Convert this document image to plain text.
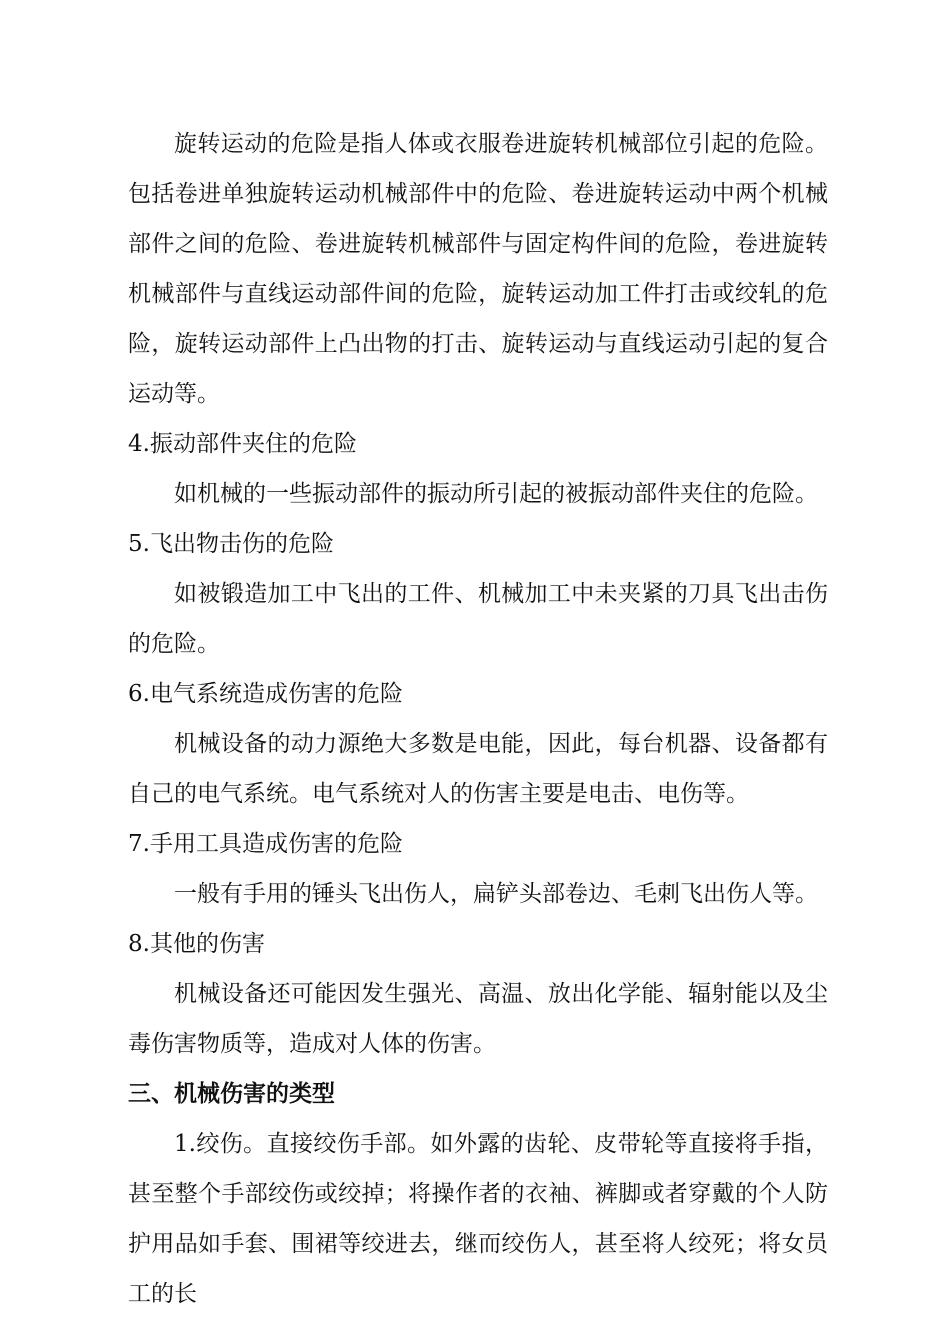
旋转运动的危险是指人体或衣服卷进旋转机械部位引起的危险。包括卷进单独旋转运动机械部件中的危险、卷进旋转运动中两个机械部件之间的危险、卷进旋转机械部件与固定构件间的危险，卷进旋转机械部件与直线运动部件间的危险，旋转运动加工件打击或绞轧的危险，旋转运动部件上凸出物的打击、旋转运动与直线运动引起的复合运动等。

4.振动部件夹住的危险

如机械的一些振动部件的振动所引起的被振动部件夹住的危险。

5.飞出物击伤的危险

如被锻造加工中飞出的工件、机械加工中未夹紧的刀具飞出击伤的危险。

6.电气系统造成伤害的危险

机械设备的动力源绝大多数是电能，因此，每台机器、设备都有自己的电气系统。电气系统对人的伤害主要是电击、电伤等。

7.手用工具造成伤害的危险

一般有手用的锤头飞出伤人，扁铲头部卷边、毛刺飞出伤人等。

8.其他的伤害

机械设备还可能因发生强光、高温、放出化学能、辐射能以及尘毒伤害物质等，造成对人体的伤害。

三、机械伤害的类型

1.绞伤。直接绞伤手部。如外露的齿轮、皮带轮等直接将手指，甚至整个手部绞伤或绞掉；将操作者的衣袖、裤脚或者穿戴的个人防护用品如手套、围裙等绞进去，继而绞伤人，甚至将人绞死；将女员工的长
